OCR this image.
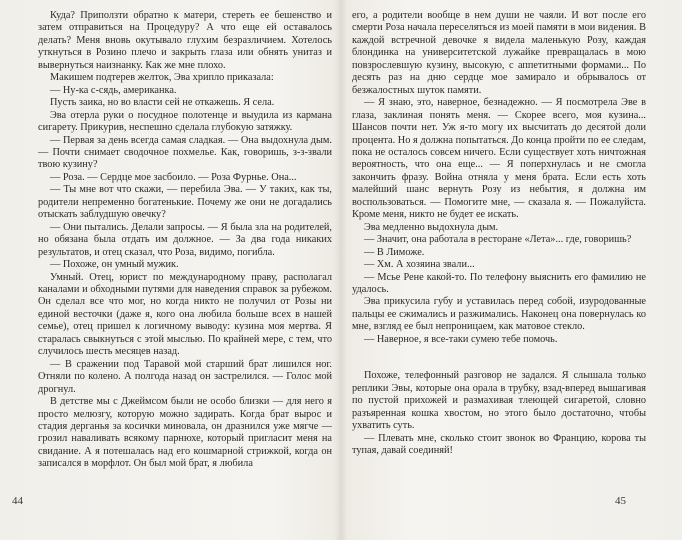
Куда? Приползти обратно к матери, стереть ее бешенство и затем отправиться на Процедуру? А что еще ей оставалось делать? Меня вновь окутывало глухим безразличием. Хотелось уткнуться в Розино плечо и закрыть глаза или обнять унитаз и вывернуться наизнанку. Как же мне плохо.

Макишем подтерев желток, Эва хрипло приказала:

— Ну-ка с-сядь, американка.

Пусть заика, но во власти сей не откажешь. Я села.

Эва отерла руки о посудное полотенце и выудила из кармана сигарету. Прикурив, неспешно сделала глубокую затяжку.

— Первая за день всегда самая сладкая. — Она выдохнула дым. — Почти снимает сводочное похмелье. Как, говоришь, з-з-звали твою кузину?

— Роза. — Сердце мое засбоило. — Роза Фурнье. Она...

— Ты мне вот что скажи, — перебила Эва. — У таких, как ты, родители непременно богатенькие. Почему же они не догадались отыскать заблудшую овечку?

— Они пытались. Делали запросы. — Я была зла на родителей, но обязана была отдать им должное. — За два года никаких результатов, и отец сказал, что Роза, видимо, погибла.

— Похоже, он умный мужик.

Умный. Отец, юрист по международному праву, располагал каналами и обходными путями для наведения справок за рубежом. Он сделал все что мог, но когда никто не получил от Розы ни единой весточки (даже я, кого она любила больше всех в нашей семье), отец пришел к логичному выводу: кузина моя мертва. Я старалась свыкнуться с этой мыслью. По крайней мере, с тем, что случилось шесть месяцев назад.

— В сражении под Таравой мой старший брат лишился ног. Отняли по колено. А полгода назад он застрелился. — Голос мой дрогнул.

В детстве мы с Джеймсом были не особо близки — для него я просто мелюзгу, которую можно задирать. Когда брат вырос и стадия дерганья за косички миновала, он дразнился уже мягче — грозил наваливать всякому парнюхе, который пригласит меня на свидание. А я потешалась над его кошмарной стрижкой, когда он записался в морфлот. Он был мой брат, я любила

его, а родители вообще в нем души не чаяли. И вот после его смерти Роза начала переселяться из моей памяти в мои видения. В каждой встречной девочке я видела маленькую Розу, каждая блондинка на университетской лужайке превращалась в мою повзрослевшую кузину, высокую, с аппетитными формами... По десять раз на дню сердце мое замирало и обрывалось от безжалостных шуток памяти.

— Я знаю, это, наверное, безнадежно. — Я посмотрела Эве в глаза, заклиная понять меня. — Скорее всего, моя кузина... Шансов почти нет. Уж я-то могу их высчитать до десятой доли процента. Но я должна попытаться. До конца пройти по ее следам, пока не осталось совсем ничего. Если существует хоть ничтожная вероятность, что она еще... — Я поперхнулась и не смогла закончить фразу. Война отняла у меня брата. Если есть хоть малейший шанс вернуть Розу из небытия, я должна им воспользоваться. — Помогите мне, — сказала я. — Пожалуйста. Кроме меня, никто не будет ее искать.

Эва медленно выдохнула дым.

— Значит, она работала в ресторане «Лета»... где, говоришь?

— В Лиможе.

— Хм. А хозяина звали...

— Мсье Рене какой-то. По телефону выяснить его фамилию не удалось.

Эва прикусила губу и уставилась перед собой, изуродованные пальцы ее сжимались и разжимались. Наконец она повернулась ко мне, взгляд ее был непроницаем, как матовое стекло.

— Наверное, я все-таки сумею тебе помочь.

Похоже, телефонный разговор не задался. Я слышала только реплики Эвы, которые она орала в трубку, взад-вперед вышагивая по пустой прихожей и размахивая тлеющей сигаретой, словно разъяренная кошка хвостом, но этого было достаточно, чтобы ухватить суть.

— Плевать мне, сколько стоит звонок во Францию, корова ты тупая, давай соединяй!

44	45
